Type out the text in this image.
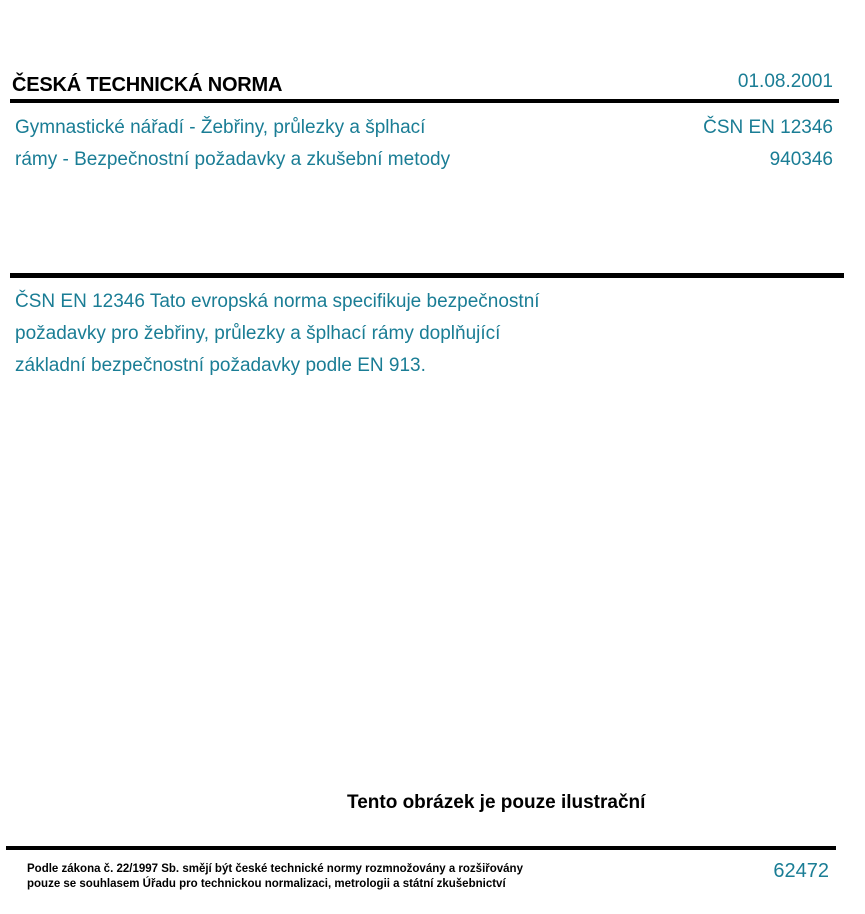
ČESKÁ TECHNICKÁ NORMA	01.08.2001
Gymnastické nářadí - Žebřiny, průlezky a šplhací
rámy - Bezpečnostní požadavky a zkušební metody
ČSN EN 12346
940346
ČSN EN 12346 Tato evropská norma specifikuje bezpečnostní
požadavky pro žebřiny, průlezky a šplhací rámy doplňující
základní bezpečnostní požadavky podle EN 913.
Tento obrázek je pouze ilustrační
Podle zákona č. 22/1997 Sb. smějí být české technické normy rozmnožovány a rozšiřovány
pouze se souhlasem Úřadu pro technickou normalizaci, metrologii a státní zkušebnictví
62472
